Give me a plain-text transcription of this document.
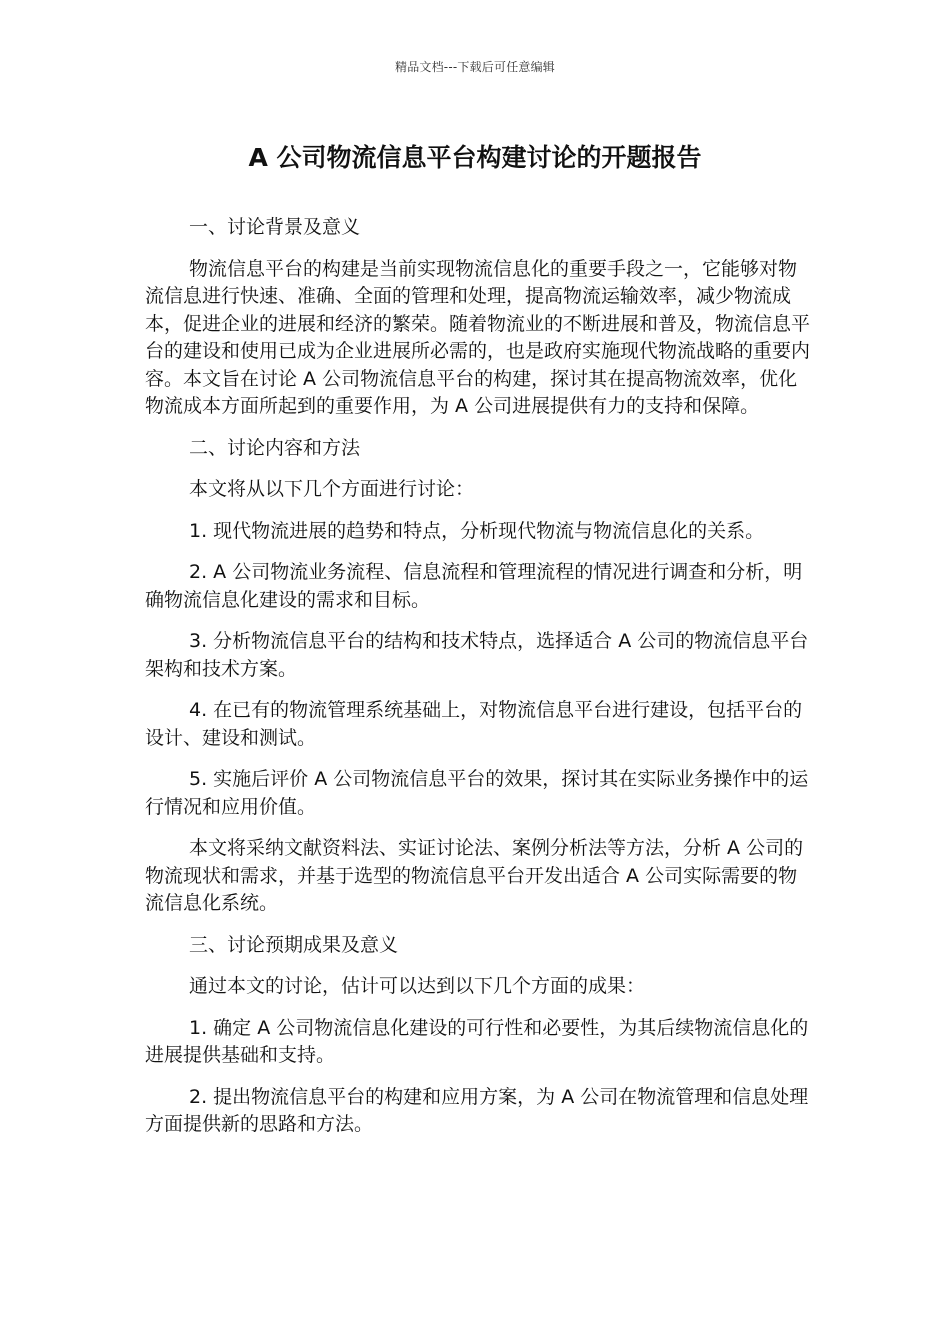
精品文档---下载后可任意编辑
A 公司物流信息平台构建讨论的开题报告

一、讨论背景及意义

物流信息平台的构建是当前实现物流信息化的重要手段之一，它能够对物流信息进行快速、准确、全面的管理和处理，提高物流运输效率，减少物流成本，促进企业的进展和经济的繁荣。随着物流业的不断进展和普及，物流信息平台的建设和使用已成为企业进展所必需的，也是政府实施现代物流战略的重要内容。本文旨在讨论 A 公司物流信息平台的构建，探讨其在提高物流效率，优化物流成本方面所起到的重要作用，为 A 公司进展提供有力的支持和保障。

二、讨论内容和方法

本文将从以下几个方面进行讨论：

1. 现代物流进展的趋势和特点，分析现代物流与物流信息化的关系。

2. A 公司物流业务流程、信息流程和管理流程的情况进行调查和分析，明确物流信息化建设的需求和目标。

3. 分析物流信息平台的结构和技术特点，选择适合 A 公司的物流信息平台架构和技术方案。

4. 在已有的物流管理系统基础上，对物流信息平台进行建设，包括平台的设计、建设和测试。

5. 实施后评价 A 公司物流信息平台的效果，探讨其在实际业务操作中的运行情况和应用价值。

本文将采纳文献资料法、实证讨论法、案例分析法等方法，分析 A 公司的物流现状和需求，并基于选型的物流信息平台开发出适合 A 公司实际需要的物流信息化系统。

三、讨论预期成果及意义

通过本文的讨论，估计可以达到以下几个方面的成果：

1. 确定 A 公司物流信息化建设的可行性和必要性，为其后续物流信息化的进展提供基础和支持。

2. 提出物流信息平台的构建和应用方案，为 A 公司在物流管理和信息处理方面提供新的思路和方法。
